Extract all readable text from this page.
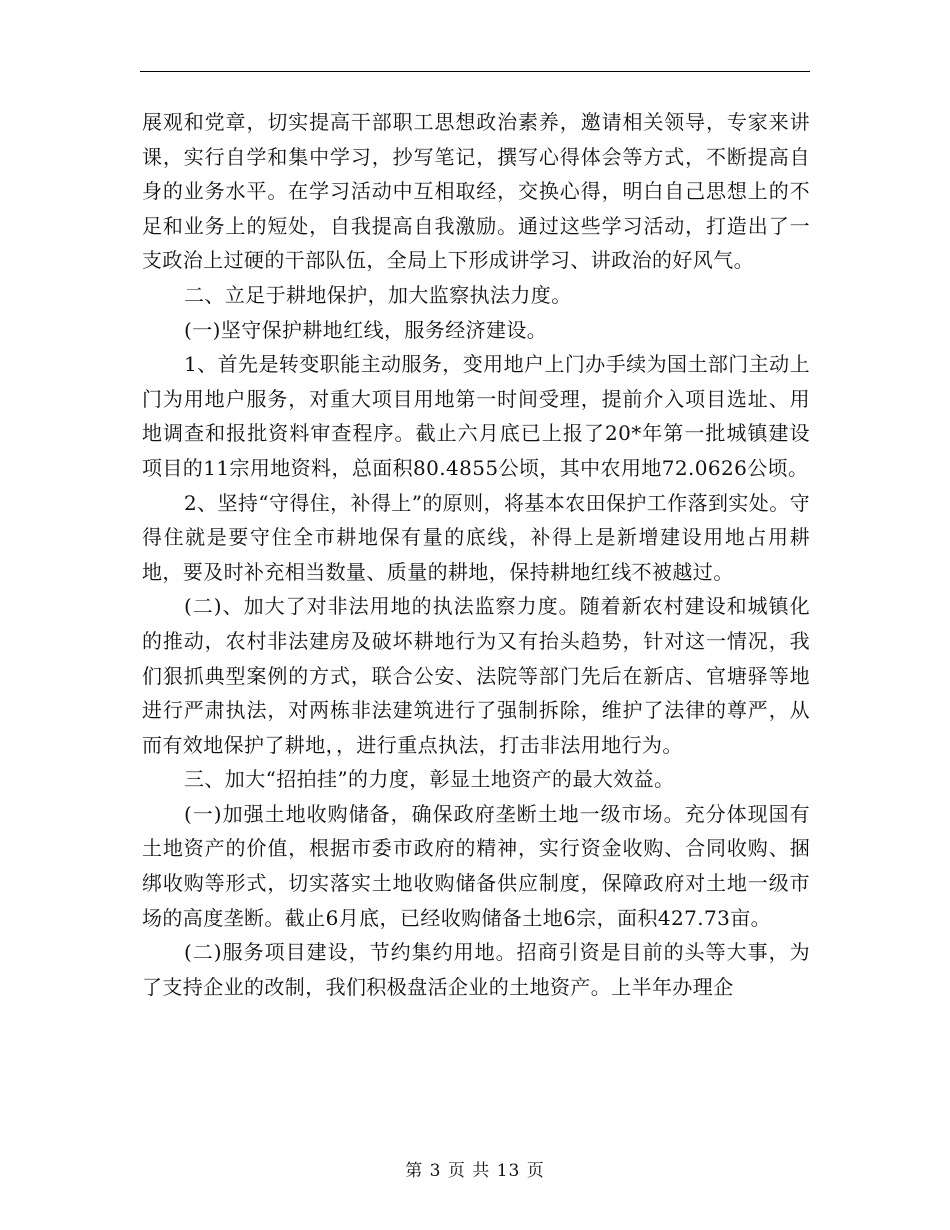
展观和党章，切实提高干部职工思想政治素养，邀请相关领导，专家来讲课，实行自学和集中学习，抄写笔记，撰写心得体会等方式，不断提高自身的业务水平。在学习活动中互相取经，交换心得，明白自己思想上的不足和业务上的短处，自我提高自我激励。通过这些学习活动，打造出了一支政治上过硬的干部队伍，全局上下形成讲学习、讲政治的好风气。

二、立足于耕地保护，加大监察执法力度。

(一)坚守保护耕地红线，服务经济建设。

1、首先是转变职能主动服务，变用地户上门办手续为国土部门主动上门为用地户服务，对重大项目用地第一时间受理，提前介入项目选址、用地调查和报批资料审查程序。截止六月底已上报了20*年第一批城镇建设项目的11宗用地资料，总面积80.4855公顷，其中农用地72.0626公顷。

2、坚持“守得住，补得上”的原则，将基本农田保护工作落到实处。守得住就是要守住全市耕地保有量的底线，补得上是新增建设用地占用耕地，要及时补充相当数量、质量的耕地，保持耕地红线不被越过。

(二)、加大了对非法用地的执法监察力度。随着新农村建设和城镇化的推动，农村非法建房及破坏耕地行为又有抬头趋势，针对这一情况，我们狠抓典型案例的方式，联合公安、法院等部门先后在新店、官塘驿等地进行严肃执法，对两栋非法建筑进行了强制拆除，维护了法律的尊严，从而有效地保护了耕地，，进行重点执法，打击非法用地行为。

三、加大“招拍挂”的力度，彰显土地资产的最大效益。

(一)加强土地收购储备，确保政府垄断土地一级市场。充分体现国有土地资产的价值，根据市委市政府的精神，实行资金收购、合同收购、捆绑收购等形式，切实落实土地收购储备供应制度，保障政府对土地一级市场的高度垄断。截止6月底，已经收购储备土地6宗，面积427.73亩。

(二)服务项目建设，节约集约用地。招商引资是目前的头等大事，为了支持企业的改制，我们积极盘活企业的土地资产。上半年办理企

第 3 页 共 13 页
